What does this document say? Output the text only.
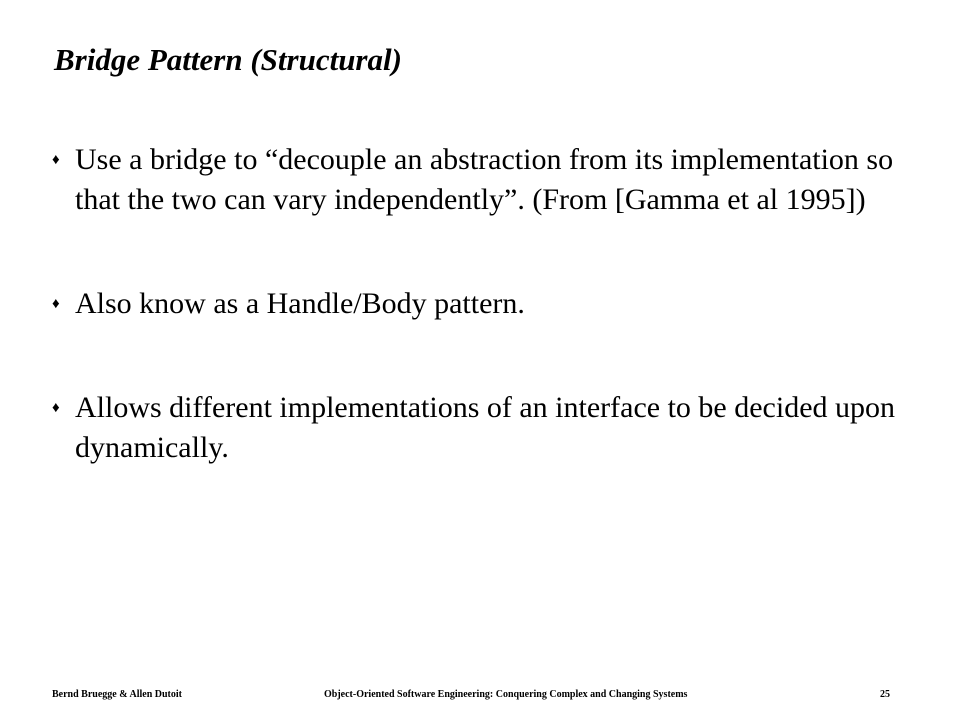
Bridge Pattern (Structural)
♦ Use a bridge to “decouple an abstraction from its implementation so that the two can vary independently”. (From [Gamma et al 1995])
♦ Also know as a Handle/Body pattern.
♦ Allows different implementations of an interface to be decided upon dynamically.
Bernd Bruegge & Allen Dutoit	Object-Oriented Software Engineering: Conquering Complex and Changing Systems	25
